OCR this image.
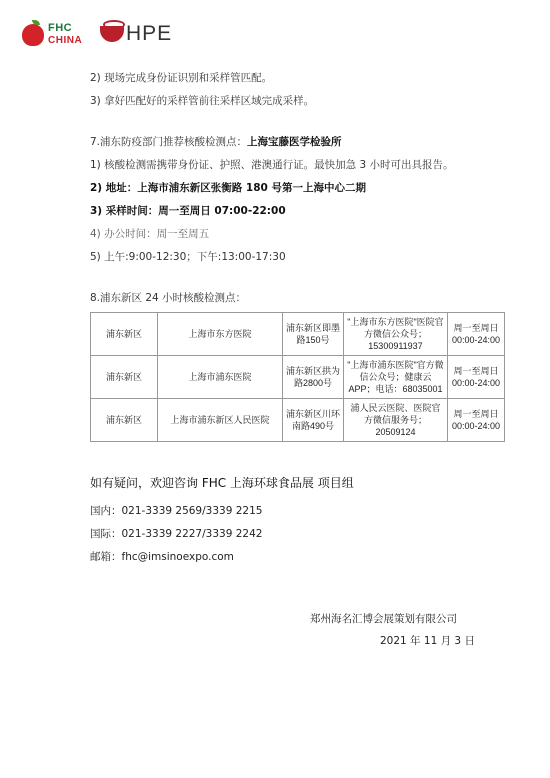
FHC
CHINA HPE
2) 现场完成身份证识别和采样管匹配。
3) 拿好匹配好的采样管前往采样区域完成采样。
7.浦东防疫部门推荐核酸检测点：上海宝藤医学检验所
1) 核酸检测需携带身份证、护照、港澳通行证。最快加急 3 小时可出具报告。
2) 地址：上海市浦东新区张衡路 180 号第一上海中心二期
3) 采样时间：周一至周日 07:00-22:00
4) 办公时间：周一至周五
5) 上午:9:00-12:30；下午:13:00-17:30
8.浦东新区 24 小时核酸检测点：
浦东新区	上海市东方医院	浦东新区即墨路150号	"上海市东方医院"医院官方微信公众号；15300911937	周一至周日00:00-24:00
浦东新区	上海市浦东医院	浦东新区拱为路2800号	"上海市浦东医院"官方微信公众号；健康云APP；电话：68035001	周一至周日00:00-24:00
浦东新区	上海市浦东新区人民医院	浦东新区川环南路490号	浦人民云医院、医院官方微信服务号；20509124	周一至周日00:00-24:00
如有疑问，欢迎咨询 FHC 上海环球食品展 项目组
国内：021-3339 2569/3339 2215
国际：021-3339 2227/3339 2242
邮箱：fhc@imsinoexpo.com
郑州海名汇博会展策划有限公司
2021 年 11 月 3 日
